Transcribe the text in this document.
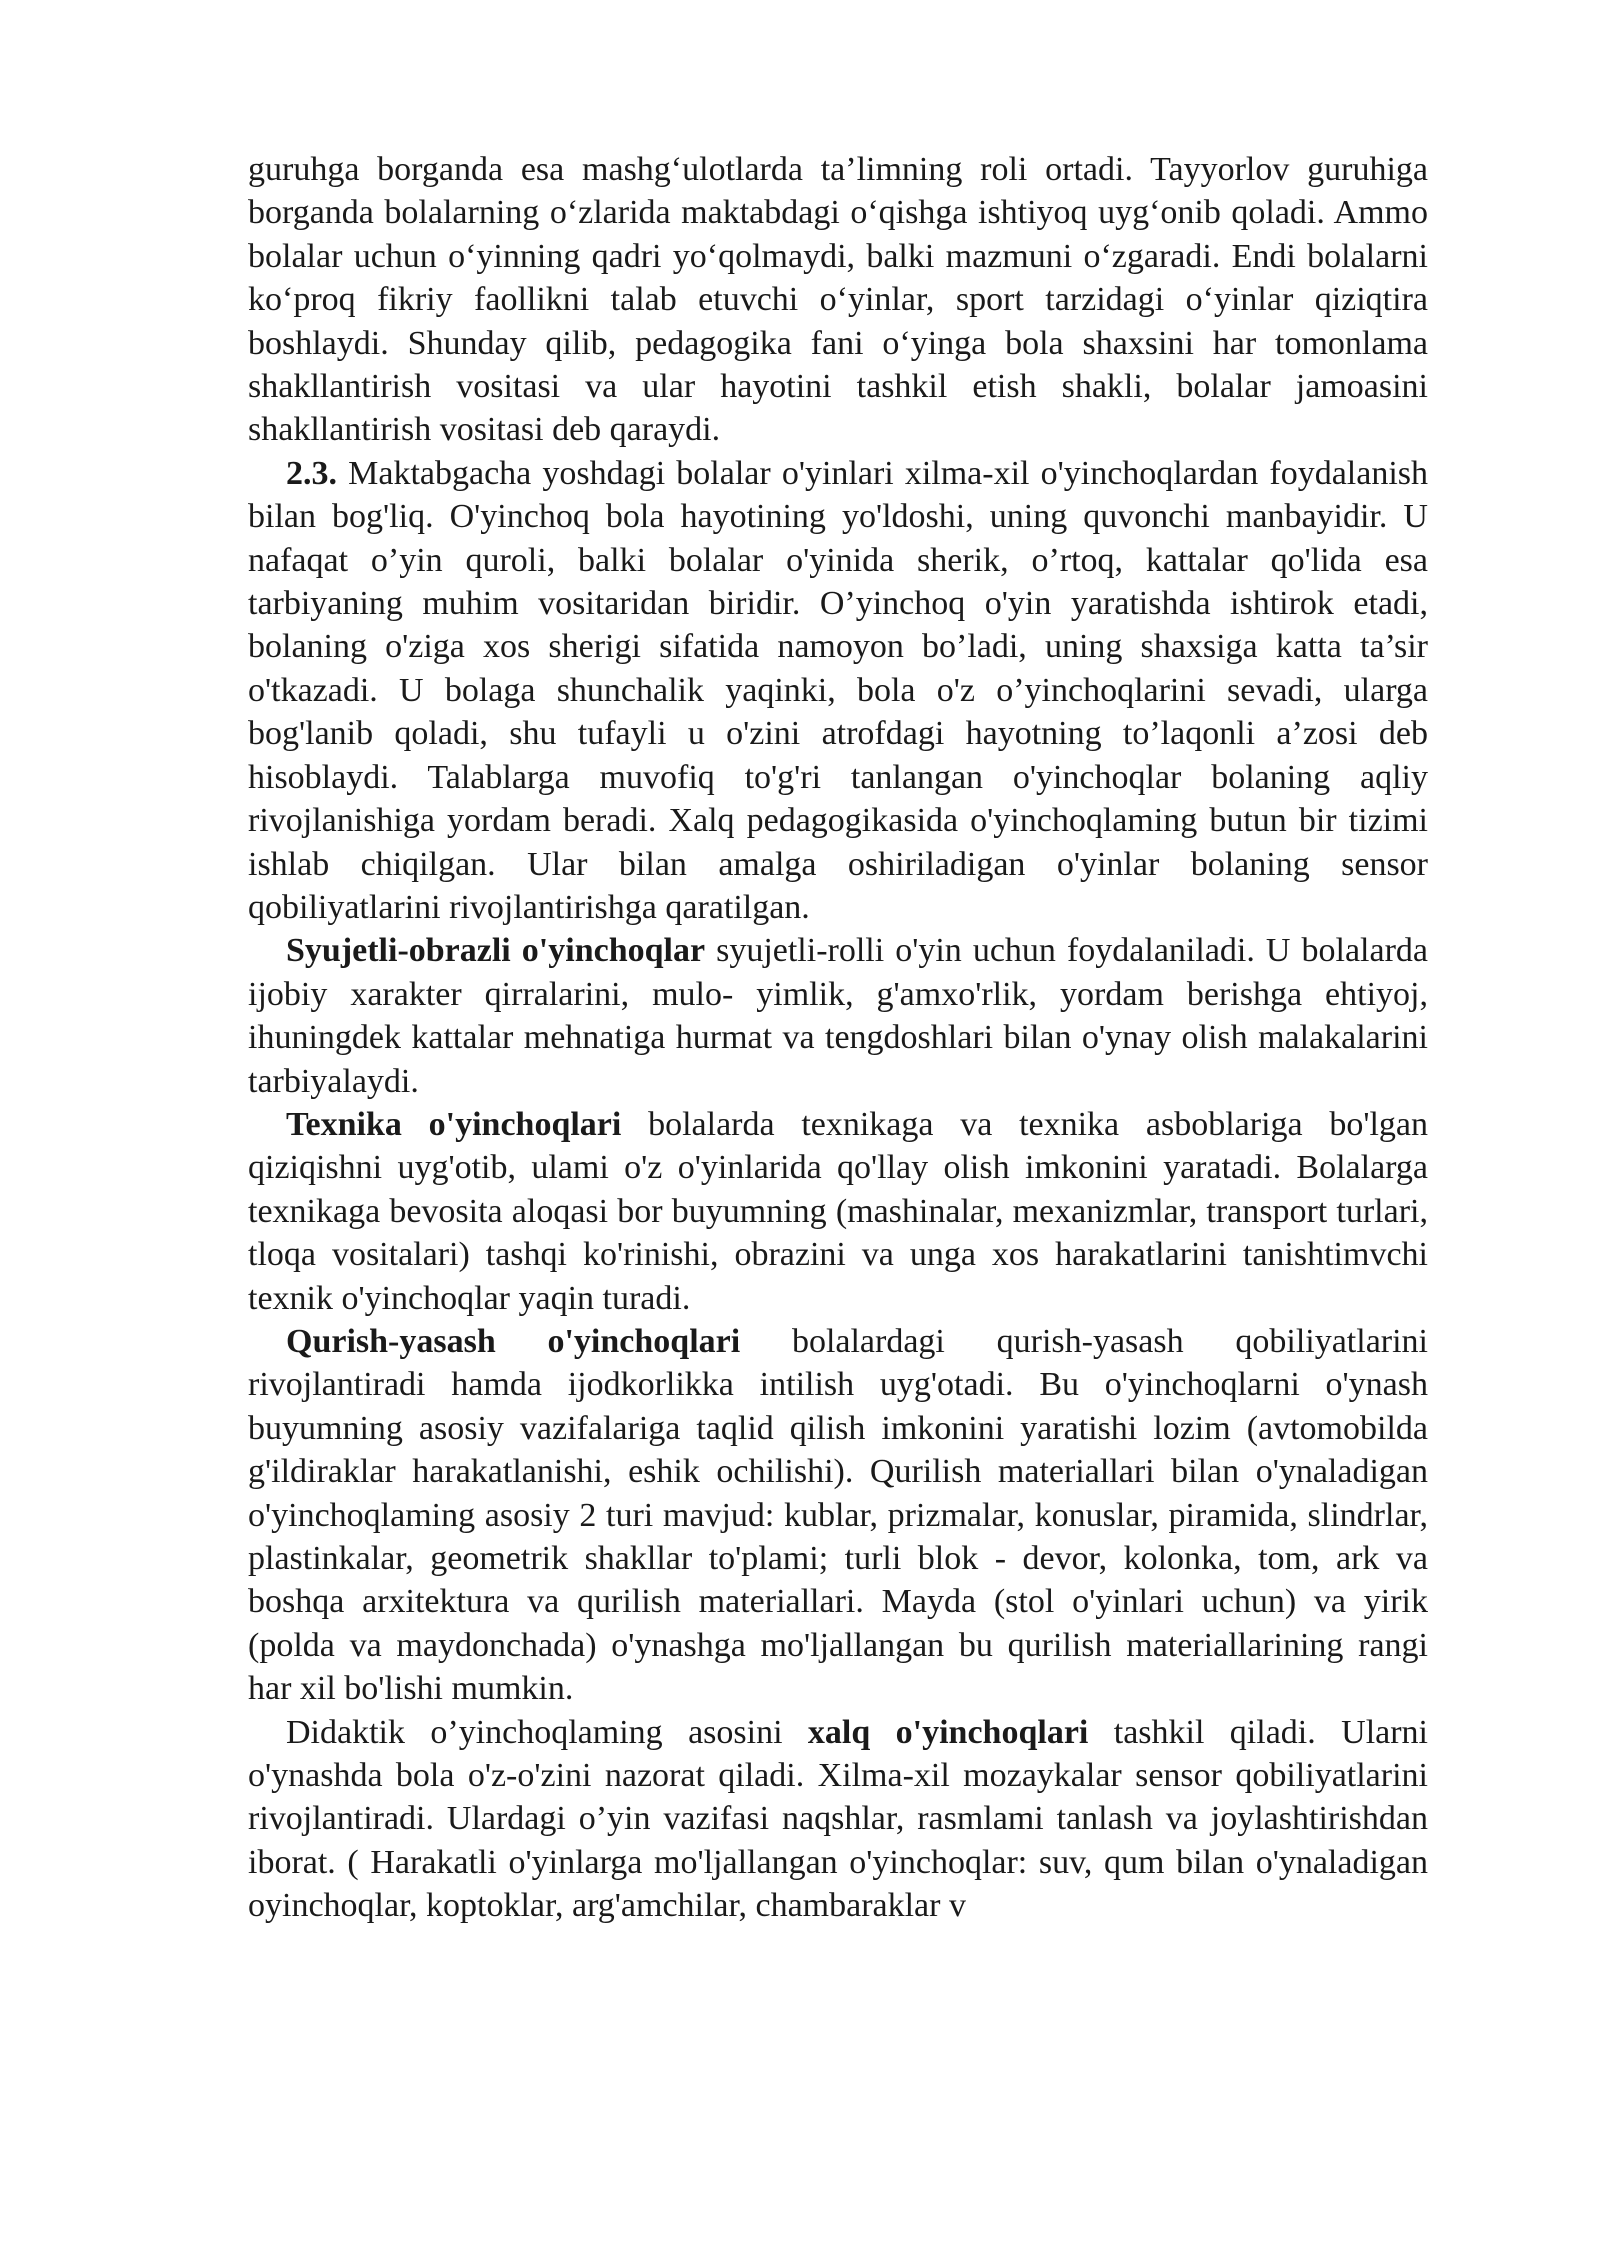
guruhga borganda esa mashg‘ulotlarda ta’limning roli ortadi. Tayyorlov guruhiga borganda bolalarning o‘zlarida maktabdagi o‘qishga ishtiyoq uyg‘onib qoladi. Ammo bolalar uchun o‘yinning qadri yo‘qolmaydi, balki mazmuni o‘zgaradi. Endi bolalarni ko‘proq fikriy faollikni talab etuvchi o‘yinlar, sport tarzidagi o‘yinlar qiziqtira boshlaydi. Shunday qilib, pedagogika fani o‘yinga bola shaxsini har tomonlama shakllantirish vositasi va ular hayotini tashkil etish shakli, bolalar jamoasini shakllantirish vositasi deb qaraydi.

2.3. Maktabgacha yoshdagi bolalar o'yinlari xilma-xil o'yinchoqlardan foydalanish bilan bog'liq. O'yinchoq bola hayotining yo'ldoshi, uning quvonchi manbayidir. U nafaqat o’yin quroli, balki bolalar o'yinida sherik, o’rtoq, kattalar qo'lida esa tarbiyaning muhim vositaridan biridir. O’yinchoq o'yin yaratishda ishtirok etadi, bolaning o'ziga xos sherigi sifatida namoyon bo’ladi, uning shaxsiga katta ta’sir o'tkazadi. U bolaga shunchalik yaqinki, bola o'z o’yinchoqlarini sevadi, ularga bog'lanib qoladi, shu tufayli u o'zini atrofdagi hayotning to’laqonli a’zosi deb hisoblaydi. Talablarga muvofiq to'g'ri tanlangan o'yinchoqlar bolaning aqliy rivojlanishiga yordam beradi. Xalq pedagogikasida o'yinchoqlaming butun bir tizimi ishlab chiqilgan. Ular bilan amalga oshiriladigan o'yinlar bolaning sensor qobiliyatlarini rivojlantirishga qaratilgan.

Syujetli-obrazli o'yinchoqlar syujetli-rolli o'yin uchun foydalaniladi. U bolalarda ijobiy xarakter qirralarini, mulo- yimlik, g'amxo'rlik, yordam berishga ehtiyoj, ihuningdek kattalar mehnatiga hurmat va tengdoshlari bilan o'ynay olish malakalarini tarbiyalaydi.

Texnika o'yinchoqlari bolalarda texnikaga va texnika asboblariga bo'lgan qiziqishni uyg'otib, ulami o'z o'yinlarida qo'llay olish imkonini yaratadi. Bolalarga texnikaga bevosita aloqasi bor buyumning (mashinalar, mexanizmlar, transport turlari, tloqa vositalari) tashqi ko'rinishi, obrazini va unga xos harakatlarini tanishtimvchi texnik o'yinchoqlar yaqin turadi.

Qurish-yasash o'yinchoqlari bolalardagi qurish-yasash qobiliyatlarini rivojlantiradi hamda ijodkorlikka intilish uyg'otadi. Bu o'yinchoqlarni o'ynash buyumning asosiy vazifalariga taqlid qilish imkonini yaratishi lozim (avtomobilda g'ildiraklar harakatlanishi, eshik ochilishi). Qurilish materiallari bilan o'ynaladigan o'yinchoqlaming asosiy 2 turi mavjud: kublar, prizmalar, konuslar, piramida, slindrlar, plastinkalar, geometrik shakllar to'plami; turli blok - devor, kolonka, tom, ark va boshqa arxitektura va qurilish materiallari. Mayda (stol o'yinlari uchun) va yirik (polda va maydonchada) o'ynashga mo'ljallangan bu qurilish materiallarining rangi har xil bo'lishi mumkin.

Didaktik o’yinchoqlaming asosini xalq o'yinchoqlari tashkil qiladi. Ularni o'ynashda bola o'z-o'zini nazorat qiladi. Xilma-xil mozaykalar sensor qobiliyatlarini rivojlantiradi. Ulardagi o’yin vazifasi naqshlar, rasmlami tanlash va joylashtirishdan iborat. ( Harakatli o'yinlarga mo'ljallangan o'yinchoqlar: suv, qum bilan o'ynaladigan oyinchoqlar, koptoklar, arg'amchilar, chambaraklar v
